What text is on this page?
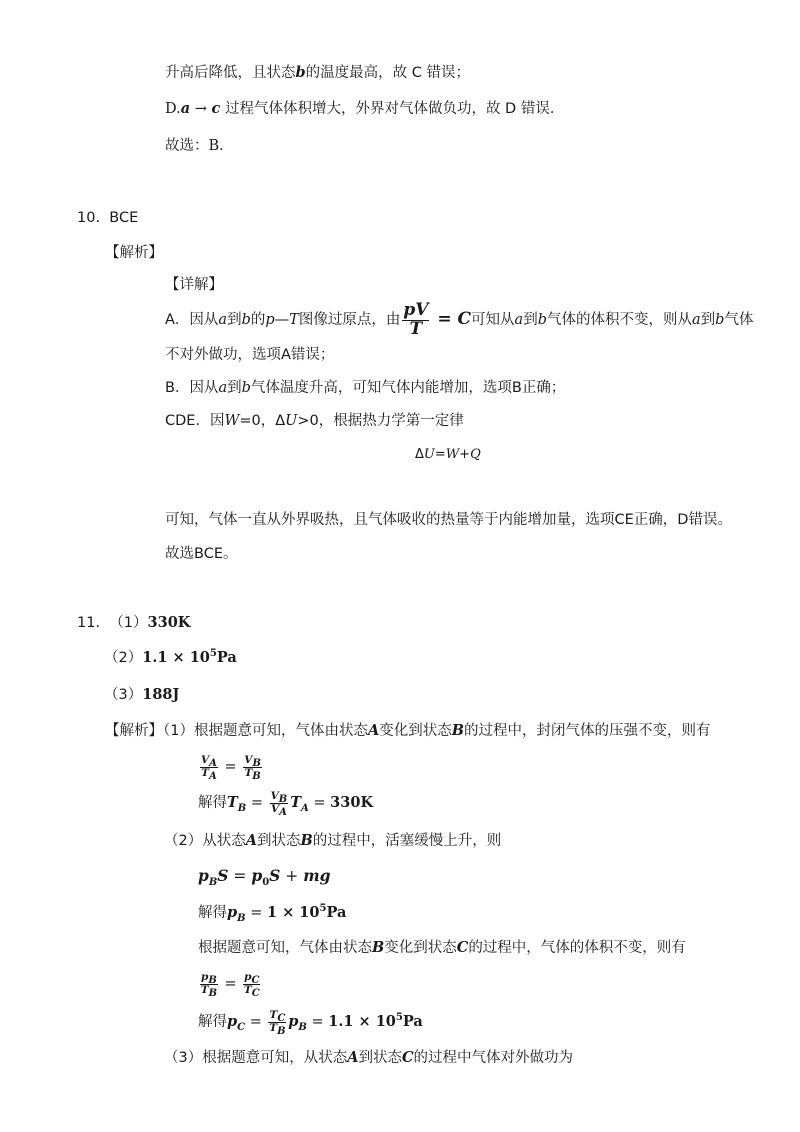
升高后降低，且状态b的温度最高，故 C 错误；
D.a → c 过程气体体积增大，外界对气体做负功，故 D 错误．
故选：B．
10. BCE
【解析】
【详解】
A．因从a到b的p—T图像过原点，由 $\frac{pV}{T} = C$可知从a到b气体的体积不变，则从a到b气体
不对外做功，选项A错误；
B．因从a到b气体温度升高，可知气体内能增加，选项B正确；
CDE．因W=0，ΔU>0，根据热力学第一定律
ΔU=W+Q
可知，气体一直从外界吸热，且气体吸收的热量等于内能增加量，选项CE正确，D错误。
故选BCE。
11. （1）330K
$(2)1.1 \times 10^5Pa$
（3）188J
【解析】（1）根据题意可知，气体由状态A变化到状态B的过程中，封闭气体的压强不变，则有
$\frac{V_A}{T_A} = \frac{V_B}{T_B}$
解得$T_B = \frac{V_B}{V_A} T_A = 330K$
（2）从状态A到状态B的过程中，活塞缓慢上升，则
$p_BS = p_0S$ + mg
解得$p_B = 1 \times 10^5Pa$
根据题意可知，气体由状态B变化到状态C的过程中，气体的体积不变，则有
$\frac{p_B}{T_B} = \frac{p_C}{T_C}$
解得$p_C = \frac{T_C}{T_B} p_B = 1.1 \times 10^5Pa$
（3）根据题意可知，从状态A到状态C的过程中气体对外做功为
